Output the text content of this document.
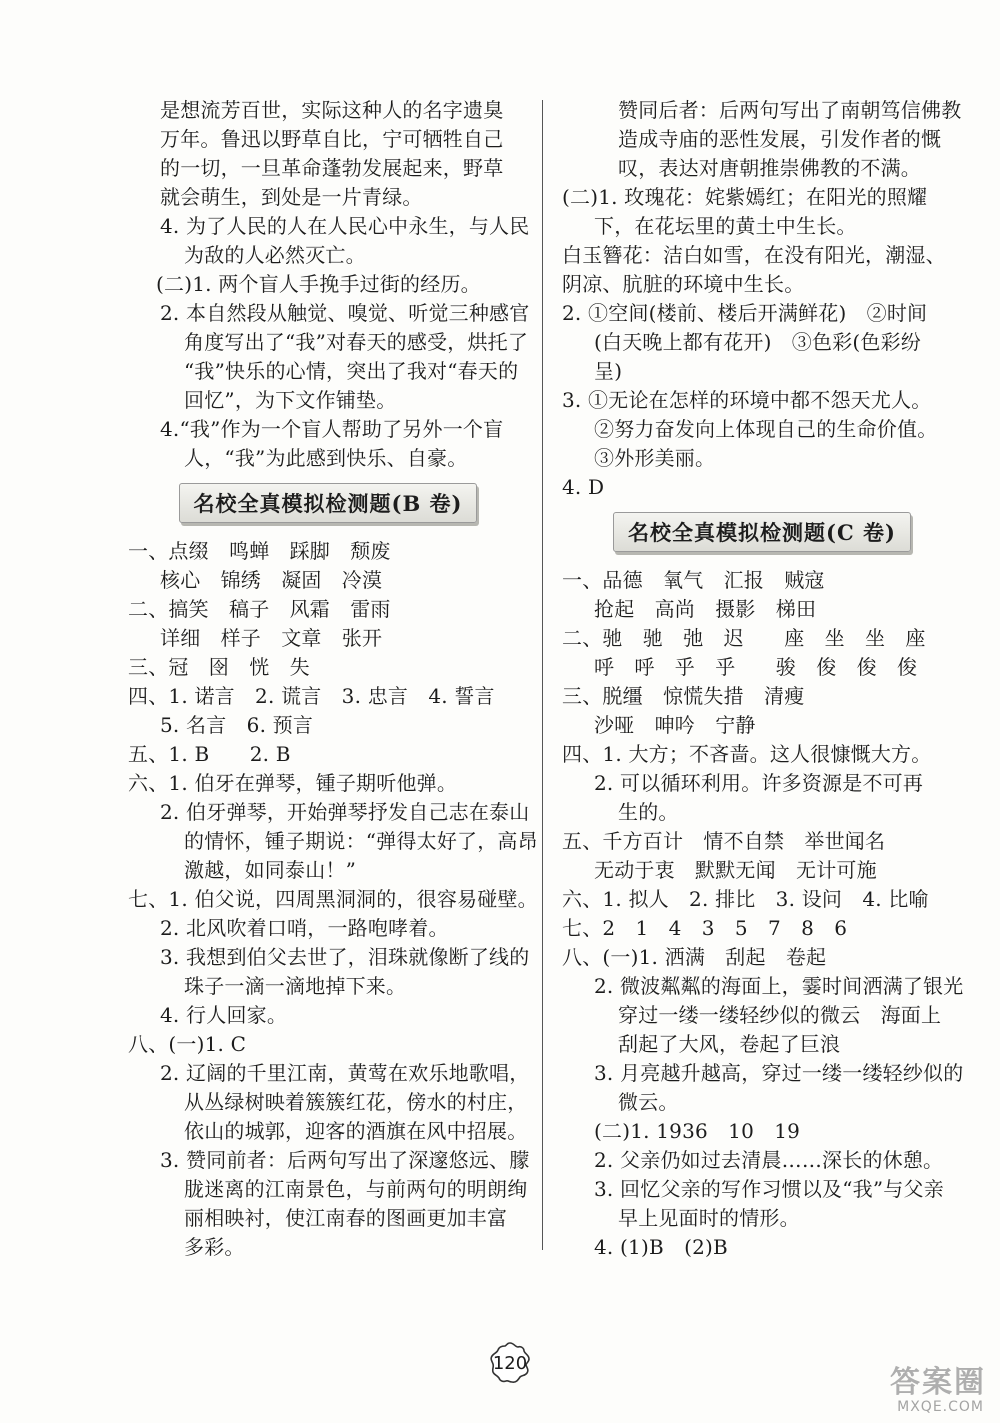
是想流芳百世，实际这种人的名字遗臭
万年。鲁迅以野草自比，宁可牺牲自己
的一切，一旦革命蓬勃发展起来，野草
就会萌生，到处是一片青绿。
4. 为了人民的人在人民心中永生，与人民
为敌的人必然灭亡。
(二)1. 两个盲人手挽手过街的经历。
2. 本自然段从触觉、嗅觉、听觉三种感官
角度写出了“我”对春天的感受，烘托了
“我”快乐的心情，突出了我对“春天的
回忆”，为下文作铺垫。
4.“我”作为一个盲人帮助了另外一个盲
人，“我”为此感到快乐、自豪。
名校全真模拟检测题(B 卷)
一、点缀　鸣蝉　踩脚　颓废
核心　锦绣　凝固　冷漠
二、搞笑　稿子　风霜　雷雨
详细　样子　文章　张开
三、冠　囹　恍　失
四、1. 诺言　2. 谎言　3. 忠言　4. 誓言
5. 名言　6. 预言
五、1. B　　2. B
六、1. 伯牙在弹琴，锺子期听他弹。
2. 伯牙弹琴，开始弹琴抒发自己志在泰山
的情怀，锺子期说：“弹得太好了，高昂
激越，如同泰山！”
七、1. 伯父说，四周黑洞洞的，很容易碰壁。
2. 北风吹着口哨，一路咆哮着。
3. 我想到伯父去世了，泪珠就像断了线的
珠子一滴一滴地掉下来。
4. 行人回家。
八、(一)1. C
2. 辽阔的千里江南，黄莺在欢乐地歌唱，
从丛绿树映着簇簇红花，傍水的村庄，
依山的城郭，迎客的酒旗在风中招展。
3. 赞同前者：后两句写出了深邃悠远、朦
胧迷离的江南景色，与前两句的明朗绚
丽相映衬，使江南春的图画更加丰富
多彩。
赞同后者：后两句写出了南朝笃信佛教
造成寺庙的恶性发展，引发作者的慨
叹，表达对唐朝推崇佛教的不满。
(二)1. 玫瑰花：姹紫嫣红；在阳光的照耀
下，在花坛里的黄土中生长。
白玉簪花：洁白如雪，在没有阳光，潮湿、
阴凉、肮脏的环境中生长。
2. ①空间(楼前、楼后开满鲜花)　②时间
(白天晚上都有花开)　③色彩(色彩纷
呈)
3. ①无论在怎样的环境中都不怨天尤人。
②努力奋发向上体现自己的生命价值。
③外形美丽。
4. D
名校全真模拟检测题(C 卷)
一、品德　氧气　汇报　贼寇
抢起　高尚　摄影　梯田
二、驰　驰　弛　迟　　座　坐　坐　座
呼　呼　乎　乎　　骏　俊　俊　俊
三、脱缰　惊慌失措　清瘦
沙哑　呻吟　宁静
四、1. 大方；不吝啬。这人很慷慨大方。
2. 可以循环利用。许多资源是不可再
生的。
五、千方百计　情不自禁　举世闻名
无动于衷　默默无闻　无计可施
六、1. 拟人　2. 排比　3. 设问　4. 比喻
七、2　1　4　3　5　7　8　6
八、(一)1. 洒满　刮起　卷起
2. 微波粼粼的海面上，霎时间洒满了银光
穿过一缕一缕轻纱似的微云　海面上
刮起了大风，卷起了巨浪
3. 月亮越升越高，穿过一缕一缕轻纱似的
微云。
(二)1. 1936　10　19
2. 父亲仍如过去清晨……深长的休憩。
3. 回忆父亲的写作习惯以及“我”与父亲
早上见面时的情形。
4. (1)B　(2)B
120
答案圈
MXQE.COM
